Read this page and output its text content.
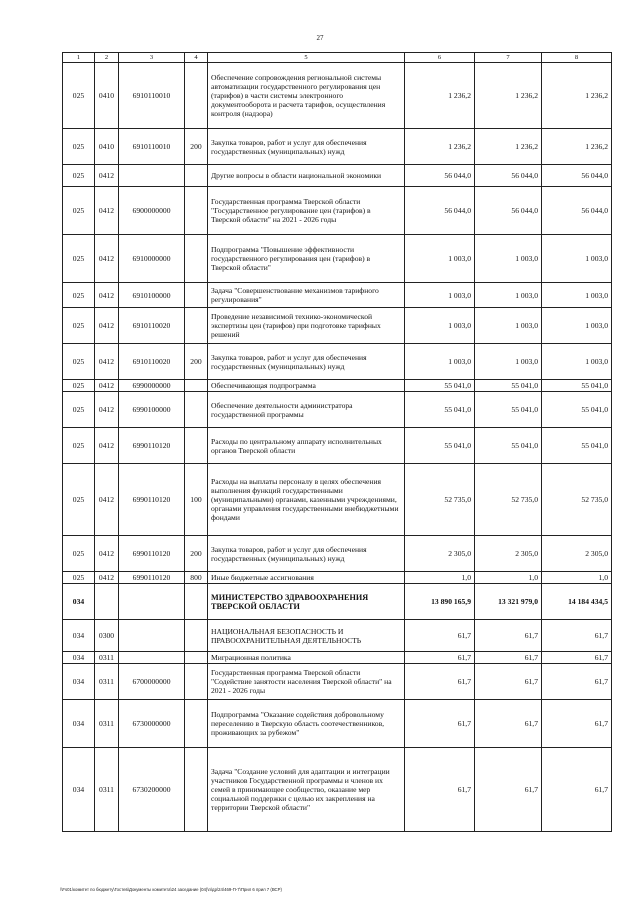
27
1	2	3	4	5	6	7	8
025	0410	6910110010		Обеспечение сопровождения региональной системы автоматизации государственного регулирования цен (тарифов) в части системы электронного документооборота и расчета тарифов, осуществления контроля (надзора)	1 236,2	1 236,2	1 236,2
025	0410	6910110010	200	Закупка товаров, работ и услуг для обеспечения государственных (муниципальных) нужд	1 236,2	1 236,2	1 236,2
025	0412			Другие вопросы в области национальной экономики	56 044,0	56 044,0	56 044,0
025	0412	6900000000		Государственная программа Тверской области "Государственное регулирование цен (тарифов) в Тверской области" на 2021 - 2026 годы	56 044,0	56 044,0	56 044,0
025	0412	6910000000		Подпрограмма "Повышение эффективности государственного регулирования цен (тарифов) в Тверской области"	1 003,0	1 003,0	1 003,0
025	0412	6910100000		Задача "Совершенствование механизмов тарифного регулирования"	1 003,0	1 003,0	1 003,0
025	0412	6910110020		Проведение независимой технико-экономической экспертизы цен (тарифов) при подготовке тарифных решений	1 003,0	1 003,0	1 003,0
025	0412	6910110020	200	Закупка товаров, работ и услуг для обеспечения государственных (муниципальных) нужд	1 003,0	1 003,0	1 003,0
025	0412	6990000000		Обеспечивающая подпрограмма	55 041,0	55 041,0	55 041,0
025	0412	6990100000		Обеспечение деятельности администратора государственной программы	55 041,0	55 041,0	55 041,0
025	0412	6990110120		Расходы по центральному аппарату исполнительных органов Тверской области	55 041,0	55 041,0	55 041,0
025	0412	6990110120	100	Расходы на выплаты персоналу в целях обеспечения выполнения функций государственными (муниципальными) органами, казенными учреждениями, органами управления государственными внебюджетными фондами	52 735,0	52 735,0	52 735,0
025	0412	6990110120	200	Закупка товаров, работ и услуг для обеспечения государственных (муниципальных) нужд	2 305,0	2 305,0	2 305,0
025	0412	6990110120	800	Иные бюджетные ассигнования	1,0	1,0	1,0
034				МИНИСТЕРСТВО ЗДРАВООХРАНЕНИЯ ТВЕРСКОЙ ОБЛАСТИ	13 890 165,9	13 321 979,0	14 184 434,5
034	0300			НАЦИОНАЛЬНАЯ БЕЗОПАСНОСТЬ И ПРАВООХРАНИТЕЛЬНАЯ ДЕЯТЕЛЬНОСТЬ	61,7	61,7	61,7
034	0311			Миграционная политика	61,7	61,7	61,7
034	0311	6700000000		Государственная программа Тверской области "Содействие занятости населения Тверской области" на 2021 - 2026 годы	61,7	61,7	61,7
034	0311	6730000000		Подпрограмма "Оказание содействия добровольному переселению в Тверскую область соотечественников, проживающих за рубежом"	61,7	61,7	61,7
034	0311	6730200000		Задача "Создание условий для адаптации и интеграции участников Государственной программы и членов их семей в принимающее сообщество, оказание мер социальной поддержки с целью их закрепления на территории Тверской области"	61,7	61,7	61,7
\\Fs01\комитет по бюджету\Гостев\Документы комитета\24 заседание (04)\п\др\24\469-П-7\Прил 6 прил 7 (ВСР)
